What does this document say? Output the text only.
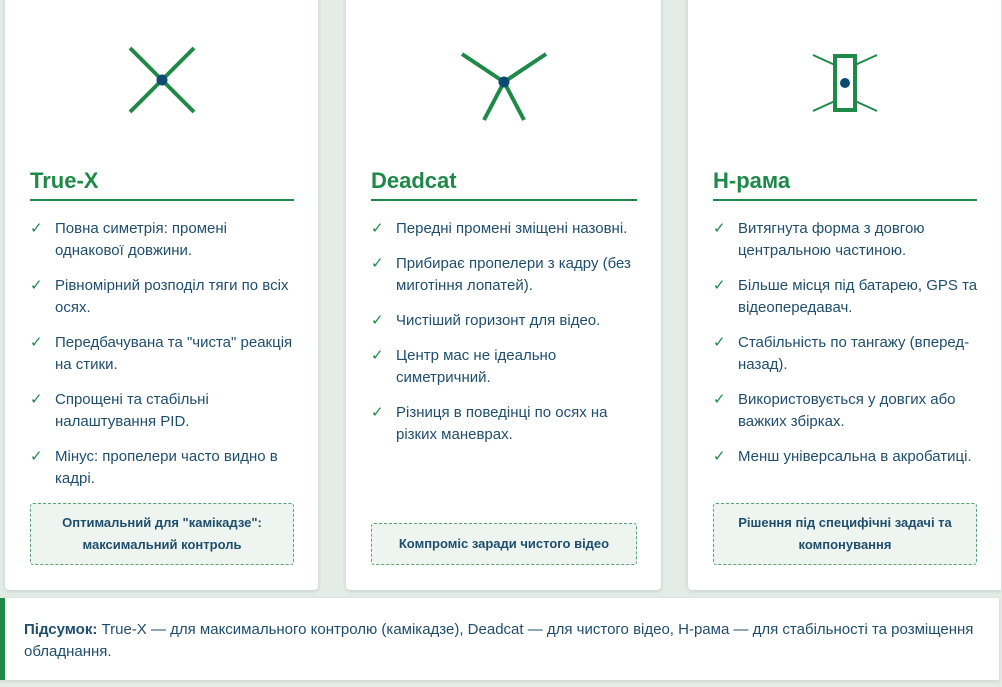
True-X
✓ Повна симетрія: промені однакової довжини.
✓ Рівномірний розподіл тяги по всіх осях.
✓ Передбачувана та "чиста" реакція на стики.
✓ Спрощені та стабільні налаштування PID.
✓ Мінус: пропелери часто видно в кадрі.
Оптимальний для "камікадзе": максимальний контроль
Deadcat
✓ Передні промені зміщені назовні.
✓ Прибирає пропелери з кадру (без миготіння лопатей).
✓ Чистіший горизонт для відео.
✓ Центр мас не ідеально симетричний.
✓ Різниця в поведінці по осях на різких маневрах.
Компроміс заради чистого відео
H-рама
✓ Витягнута форма з довгою центральною частиною.
✓ Більше місця під батарею, GPS та відеопередавач.
✓ Стабільність по тангажу (вперед-назад).
✓ Використовується у довгих або важких збірках.
✓ Менш універсальна в акробатиці.
Рішення під специфічні задачі та компонування
Підсумок: True-X — для максимального контролю (камікадзе), Deadcat — для чистого відео, H-рама — для стабільності та розміщення обладнання.
